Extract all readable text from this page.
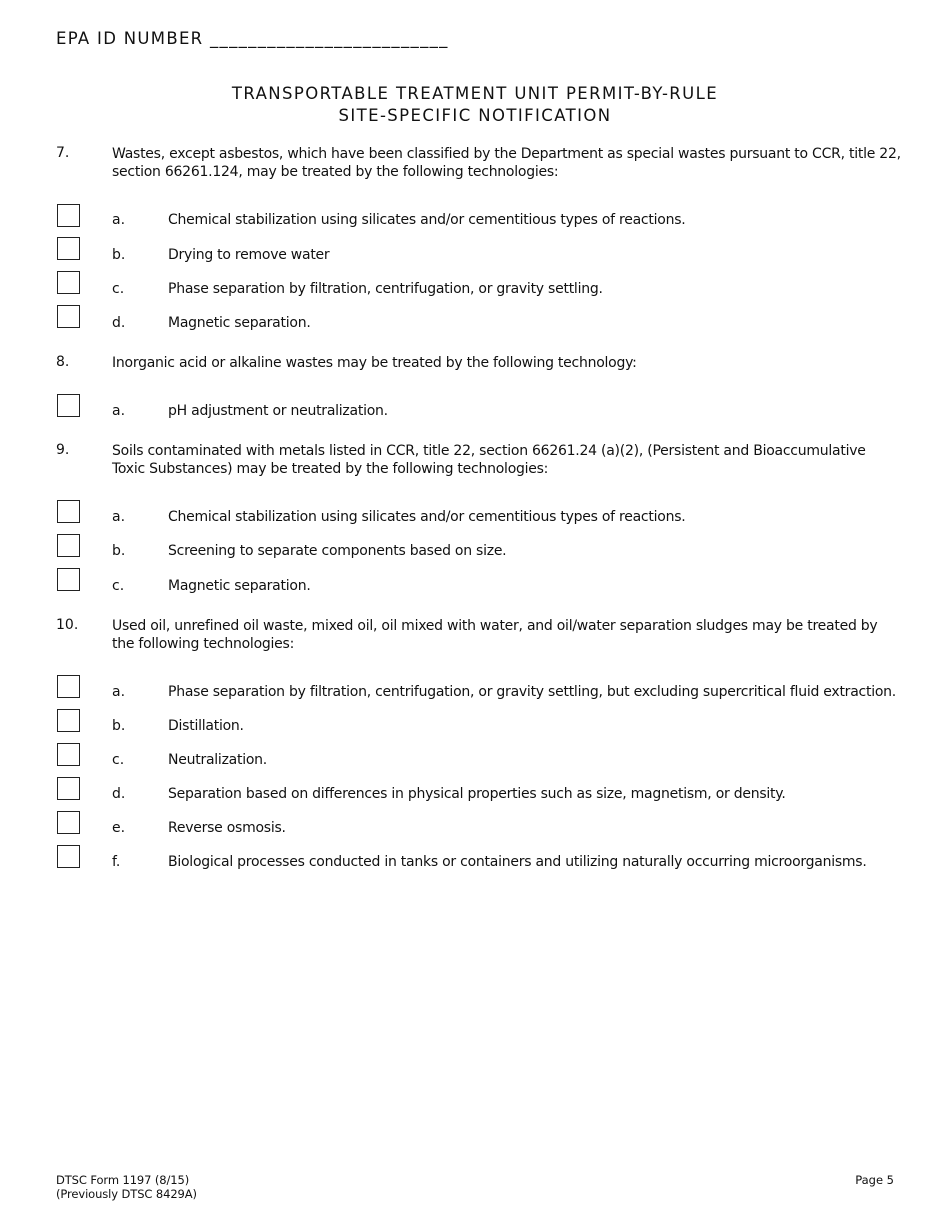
EPA ID NUMBER _________________________
TRANSPORTABLE TREATMENT UNIT PERMIT-BY-RULE
SITE-SPECIFIC NOTIFICATION
7.	Wastes, except asbestos, which have been classified by the Department as special wastes pursuant to CCR, title 22, section 66261.124, may be treated by the following technologies:
a.	Chemical stabilization using silicates and/or cementitious types of reactions.
b.	Drying to remove water
c.	Phase separation by filtration, centrifugation, or gravity settling.
d.	Magnetic separation.
8.	Inorganic acid or alkaline wastes may be treated by the following technology:
a.	pH adjustment or neutralization.
9.	Soils contaminated with metals listed in CCR, title 22, section 66261.24 (a)(2), (Persistent and Bioaccumulative Toxic Substances) may be treated by the following technologies:
a.	Chemical stabilization using silicates and/or cementitious types of reactions.
b.	Screening to separate components based on size.
c.	Magnetic separation.
10. Used oil, unrefined oil waste, mixed oil, oil mixed with water, and oil/water separation sludges may be treated by the following technologies:
a.	Phase separation by filtration, centrifugation, or gravity settling, but excluding supercritical fluid extraction.
b.	Distillation.
c.	Neutralization.
d.	Separation based on differences in physical properties such as size, magnetism, or density.
e.	Reverse osmosis.
f.	Biological processes conducted in tanks or containers and utilizing naturally occurring microorganisms.
DTSC Form 1197 (8/15)
(Previously DTSC 8429A)
Page 5
